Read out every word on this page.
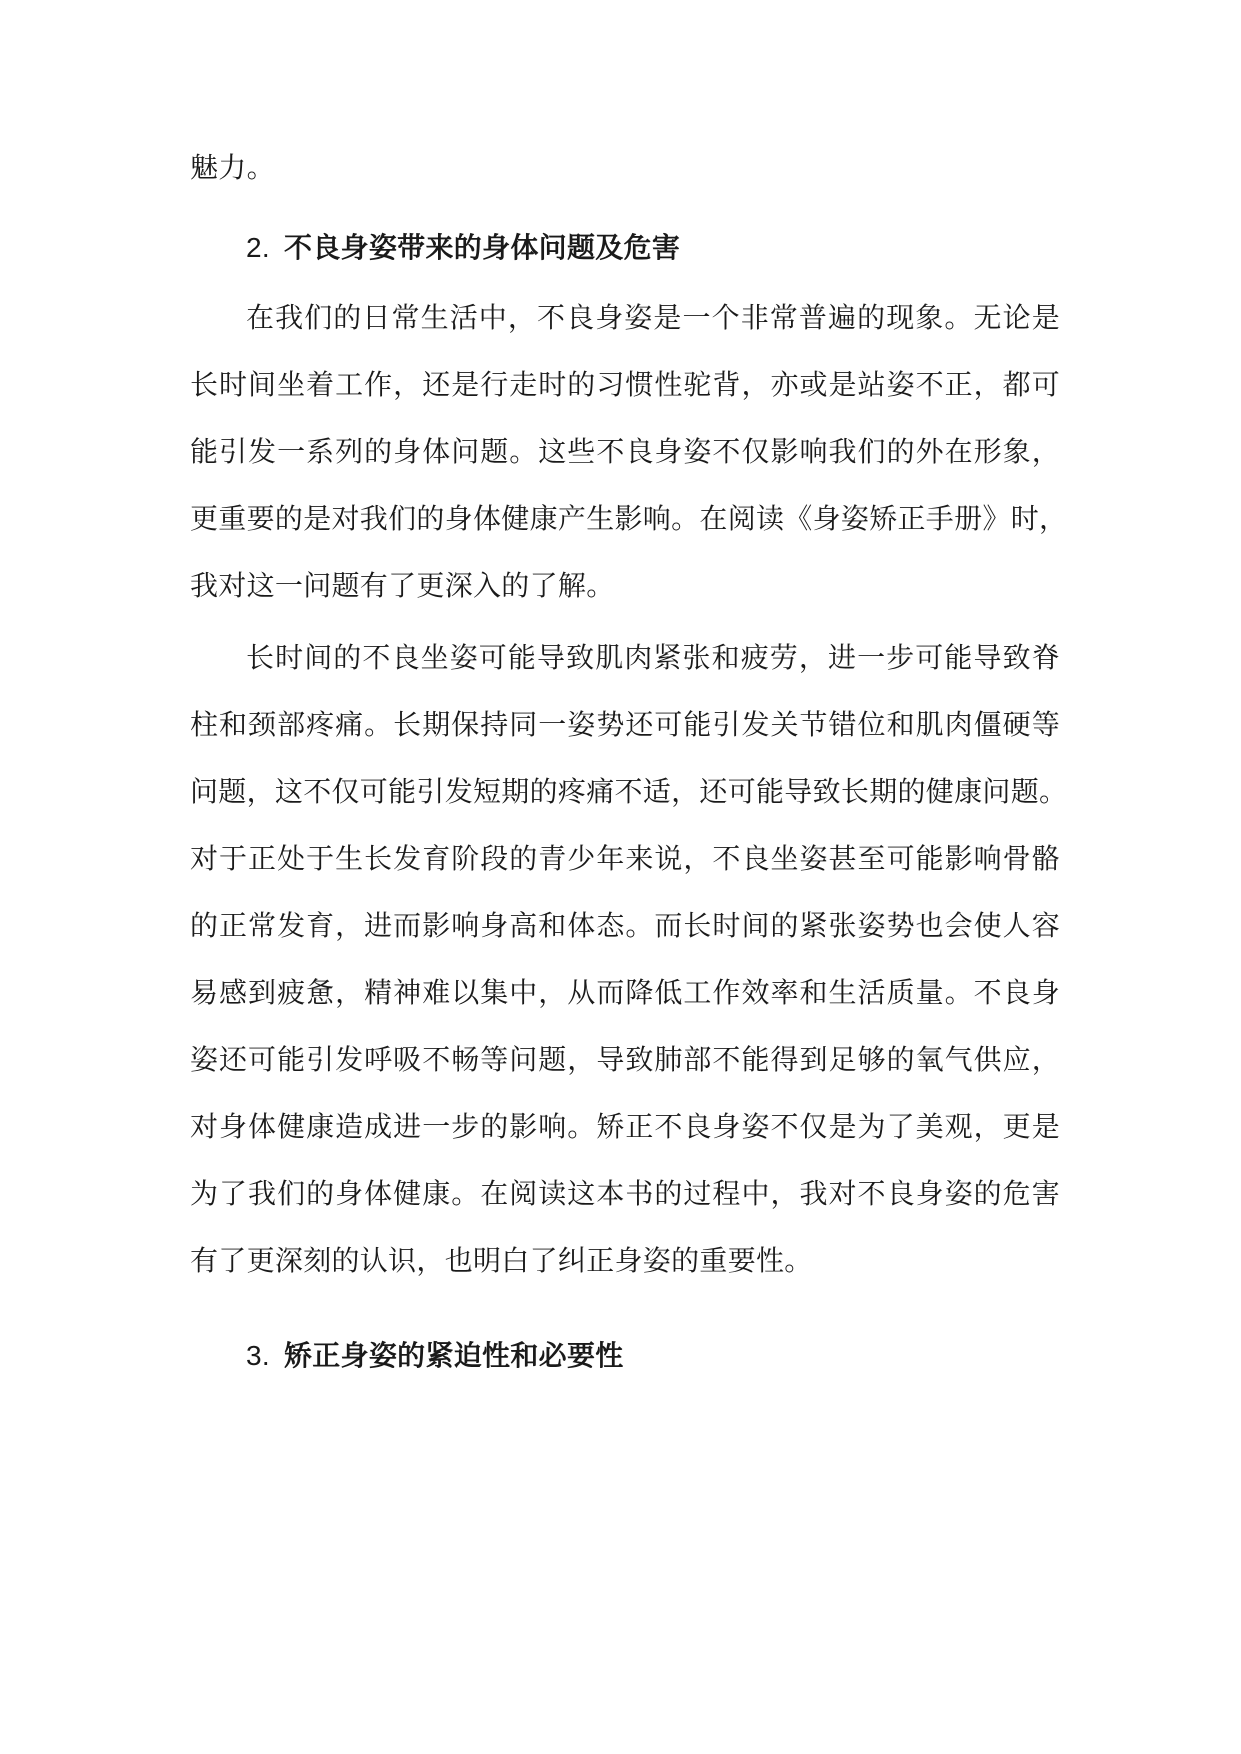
魅力。
2. 不良身姿带来的身体问题及危害
在我们的日常生活中，不良身姿是一个非常普遍的现象。无论是
长时间坐着工作，还是行走时的习惯性驼背，亦或是站姿不正，都可
能引发一系列的身体问题。这些不良身姿不仅影响我们的外在形象，
更重要的是对我们的身体健康产生影响。在阅读《身姿矫正手册》时，
我对这一问题有了更深入的了解。
长时间的不良坐姿可能导致肌肉紧张和疲劳，进一步可能导致脊
柱和颈部疼痛。长期保持同一姿势还可能引发关节错位和肌肉僵硬等
问题，这不仅可能引发短期的疼痛不适，还可能导致长期的健康问题。
对于正处于生长发育阶段的青少年来说，不良坐姿甚至可能影响骨骼
的正常发育，进而影响身高和体态。而长时间的紧张姿势也会使人容
易感到疲惫，精神难以集中，从而降低工作效率和生活质量。不良身
姿还可能引发呼吸不畅等问题，导致肺部不能得到足够的氧气供应，
对身体健康造成进一步的影响。矫正不良身姿不仅是为了美观，更是
为了我们的身体健康。在阅读这本书的过程中，我对不良身姿的危害
有了更深刻的认识，也明白了纠正身姿的重要性。
3. 矫正身姿的紧迫性和必要性
